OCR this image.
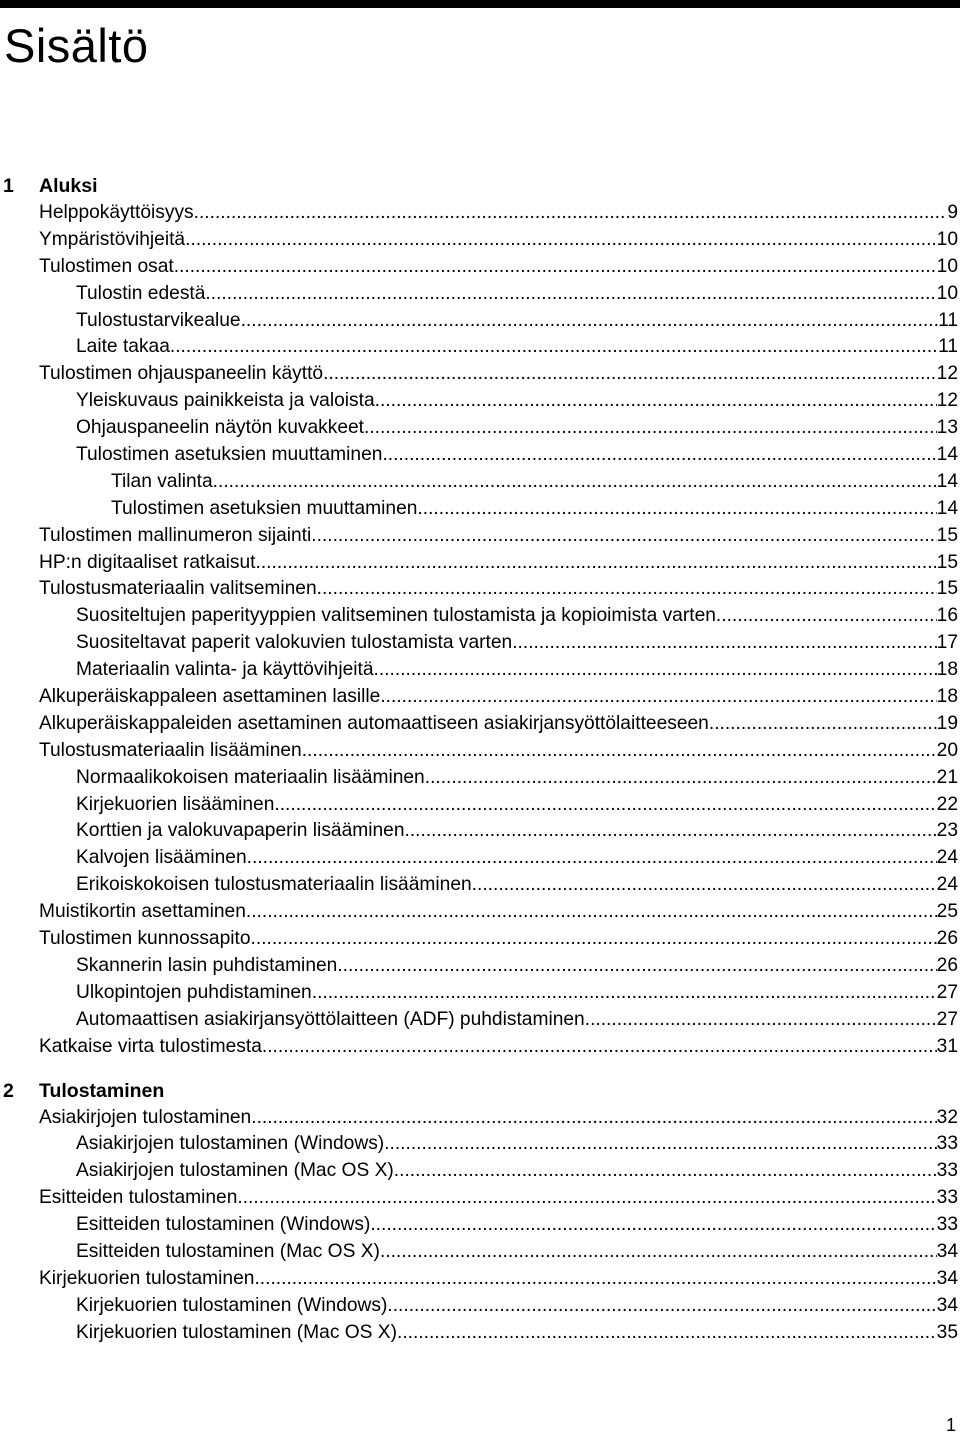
Sisältö
1 Aluksi
Helppokäyttöisyys .....	9
Ympäristövihjeitä .....	10
Tulostimen osat .....	10
Tulostin edestä .....	10
Tulostustarvikealue .....	11
Laite takaa .....	11
Tulostimen ohjauspaneelin käyttö .....	12
Yleiskuvaus painikkeista ja valoista .....	12
Ohjauspaneelin näytön kuvakkeet .....	13
Tulostimen asetuksien muuttaminen .....	14
Tilan valinta .....	14
Tulostimen asetuksien muuttaminen .....	14
Tulostimen mallinumeron sijainti .....	15
HP:n digitaaliset ratkaisut .....	15
Tulostusmateriaalin valitseminen .....	15
Suositeltujen paperityyppien valitseminen tulostamista ja kopioimista varten .....	16
Suositeltavat paperit valokuvien tulostamista varten .....	17
Materiaalin valinta- ja käyttövihjeitä .....	18
Alkuperäiskappaleen asettaminen lasille .....	18
Alkuperäiskappaleiden asettaminen automaattiseen asiakirjansyöttölaitteeseen .....	19
Tulostusmateriaalin lisääminen .....	20
Normaalikokoisen materiaalin lisääminen .....	21
Kirjekuorien lisääminen .....	22
Korttien ja valokuvapaperin lisääminen .....	23
Kalvojen lisääminen .....	24
Erikoiskokoisen tulostusmateriaalin lisääminen .....	24
Muistikortin asettaminen .....	25
Tulostimen kunnossapito .....	26
Skannerin lasin puhdistaminen .....	26
Ulkopintojen puhdistaminen .....	27
Automaattisen asiakirjansyöttölaitteen (ADF) puhdistaminen .....	27
Katkaise virta tulostimesta .....	31
2 Tulostaminen
Asiakirjojen tulostaminen .....	32
Asiakirjojen tulostaminen (Windows) .....	33
Asiakirjojen tulostaminen (Mac OS X) .....	33
Esitteiden tulostaminen .....	33
Esitteiden tulostaminen (Windows) .....	33
Esitteiden tulostaminen (Mac OS X) .....	34
Kirjekuorien tulostaminen .....	34
Kirjekuorien tulostaminen (Windows) .....	34
Kirjekuorien tulostaminen (Mac OS X) .....	35
1
